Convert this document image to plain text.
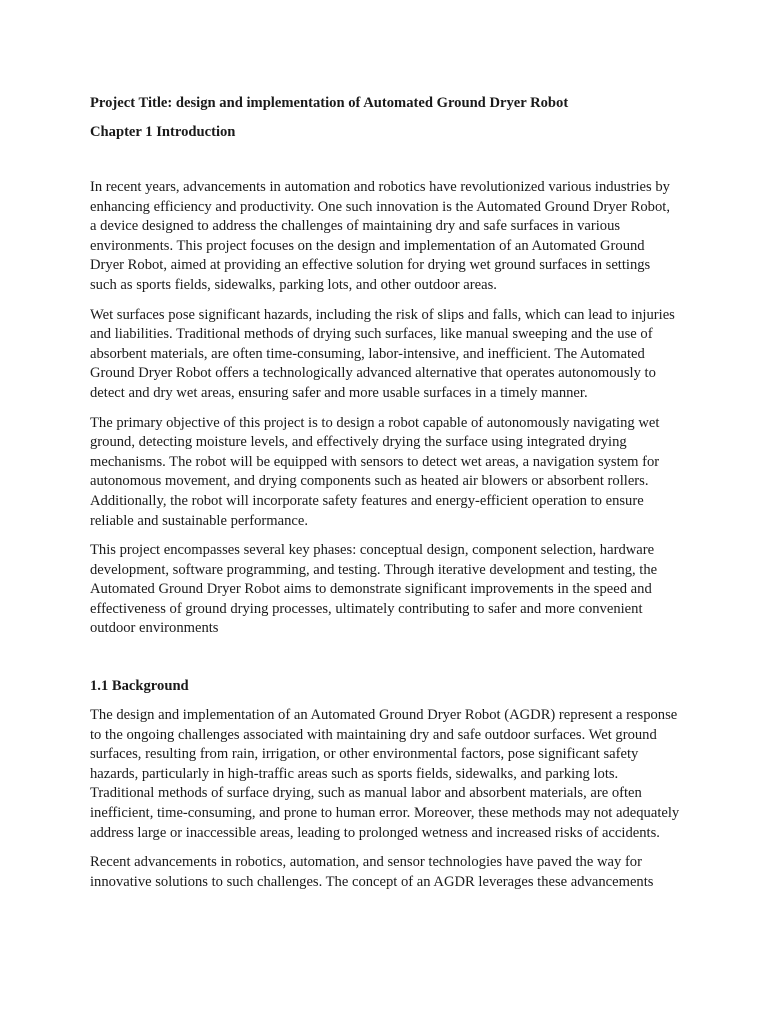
Project Title: design and implementation of Automated Ground Dryer Robot

Chapter 1 Introduction

In recent years, advancements in automation and robotics have revolutionized various industries by enhancing efficiency and productivity. One such innovation is the Automated Ground Dryer Robot, a device designed to address the challenges of maintaining dry and safe surfaces in various environments. This project focuses on the design and implementation of an Automated Ground Dryer Robot, aimed at providing an effective solution for drying wet ground surfaces in settings such as sports fields, sidewalks, parking lots, and other outdoor areas.

Wet surfaces pose significant hazards, including the risk of slips and falls, which can lead to injuries and liabilities. Traditional methods of drying such surfaces, like manual sweeping and the use of absorbent materials, are often time-consuming, labor-intensive, and inefficient. The Automated Ground Dryer Robot offers a technologically advanced alternative that operates autonomously to detect and dry wet areas, ensuring safer and more usable surfaces in a timely manner.

The primary objective of this project is to design a robot capable of autonomously navigating wet ground, detecting moisture levels, and effectively drying the surface using integrated drying mechanisms. The robot will be equipped with sensors to detect wet areas, a navigation system for autonomous movement, and drying components such as heated air blowers or absorbent rollers. Additionally, the robot will incorporate safety features and energy-efficient operation to ensure reliable and sustainable performance.

This project encompasses several key phases: conceptual design, component selection, hardware development, software programming, and testing. Through iterative development and testing, the Automated Ground Dryer Robot aims to demonstrate significant improvements in the speed and effectiveness of ground drying processes, ultimately contributing to safer and more convenient outdoor environments

1.1 Background

The design and implementation of an Automated Ground Dryer Robot (AGDR) represent a response to the ongoing challenges associated with maintaining dry and safe outdoor surfaces. Wet ground surfaces, resulting from rain, irrigation, or other environmental factors, pose significant safety hazards, particularly in high-traffic areas such as sports fields, sidewalks, and parking lots. Traditional methods of surface drying, such as manual labor and absorbent materials, are often inefficient, time-consuming, and prone to human error. Moreover, these methods may not adequately address large or inaccessible areas, leading to prolonged wetness and increased risks of accidents.

Recent advancements in robotics, automation, and sensor technologies have paved the way for innovative solutions to such challenges. The concept of an AGDR leverages these advancements
